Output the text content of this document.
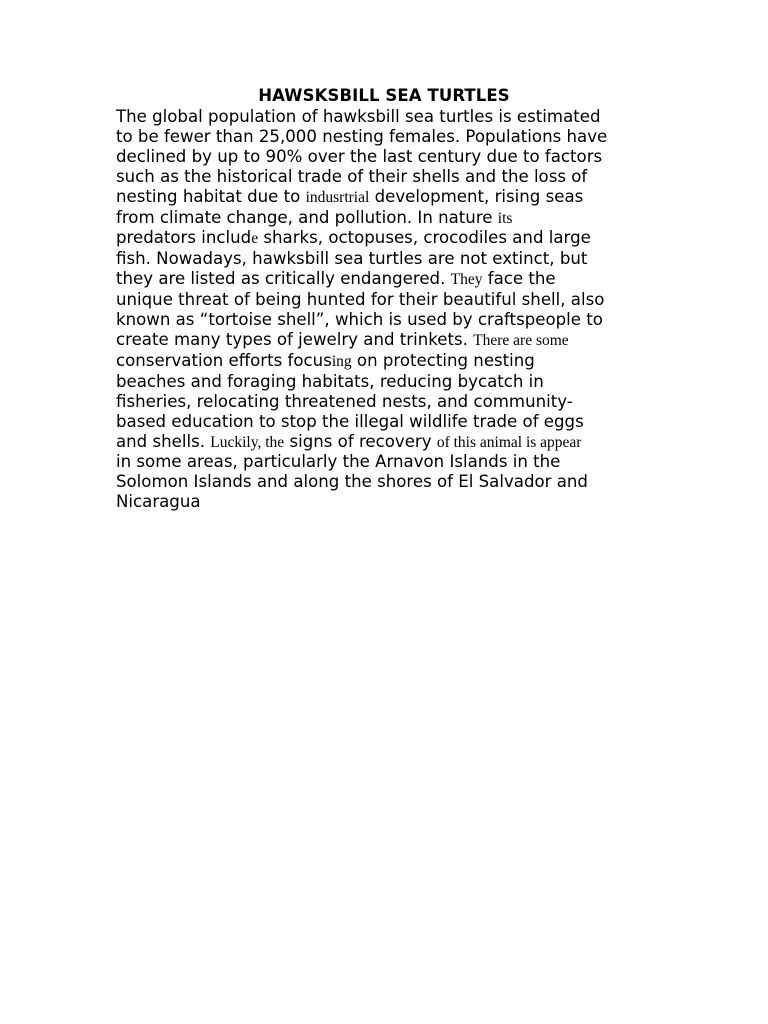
HAWSKSBILL SEA TURTLES
The global population of hawksbill sea turtles is estimated
to be fewer than 25,000 nesting females. Populations have
declined by up to 90% over the last century due to factors
such as the historical trade of their shells and the loss of
nesting habitat due to indusrtrial development, rising seas
from climate change, and pollution. In nature its
predators include sharks, octopuses, crocodiles and large
fish. Nowadays, hawksbill sea turtles are not extinct, but
they are listed as critically endangered. They face the
unique threat of being hunted for their beautiful shell, also
known as “tortoise shell”, which is used by craftspeople to
create many types of jewelry and trinkets. There are some
conservation efforts focusing on protecting nesting
beaches and foraging habitats, reducing bycatch in
fisheries, relocating threatened nests, and community-
based education to stop the illegal wildlife trade of eggs
and shells. Luckily, the signs of recovery of this animal is appear
in some areas, particularly the Arnavon Islands in the
Solomon Islands and along the shores of El Salvador and
Nicaragua
